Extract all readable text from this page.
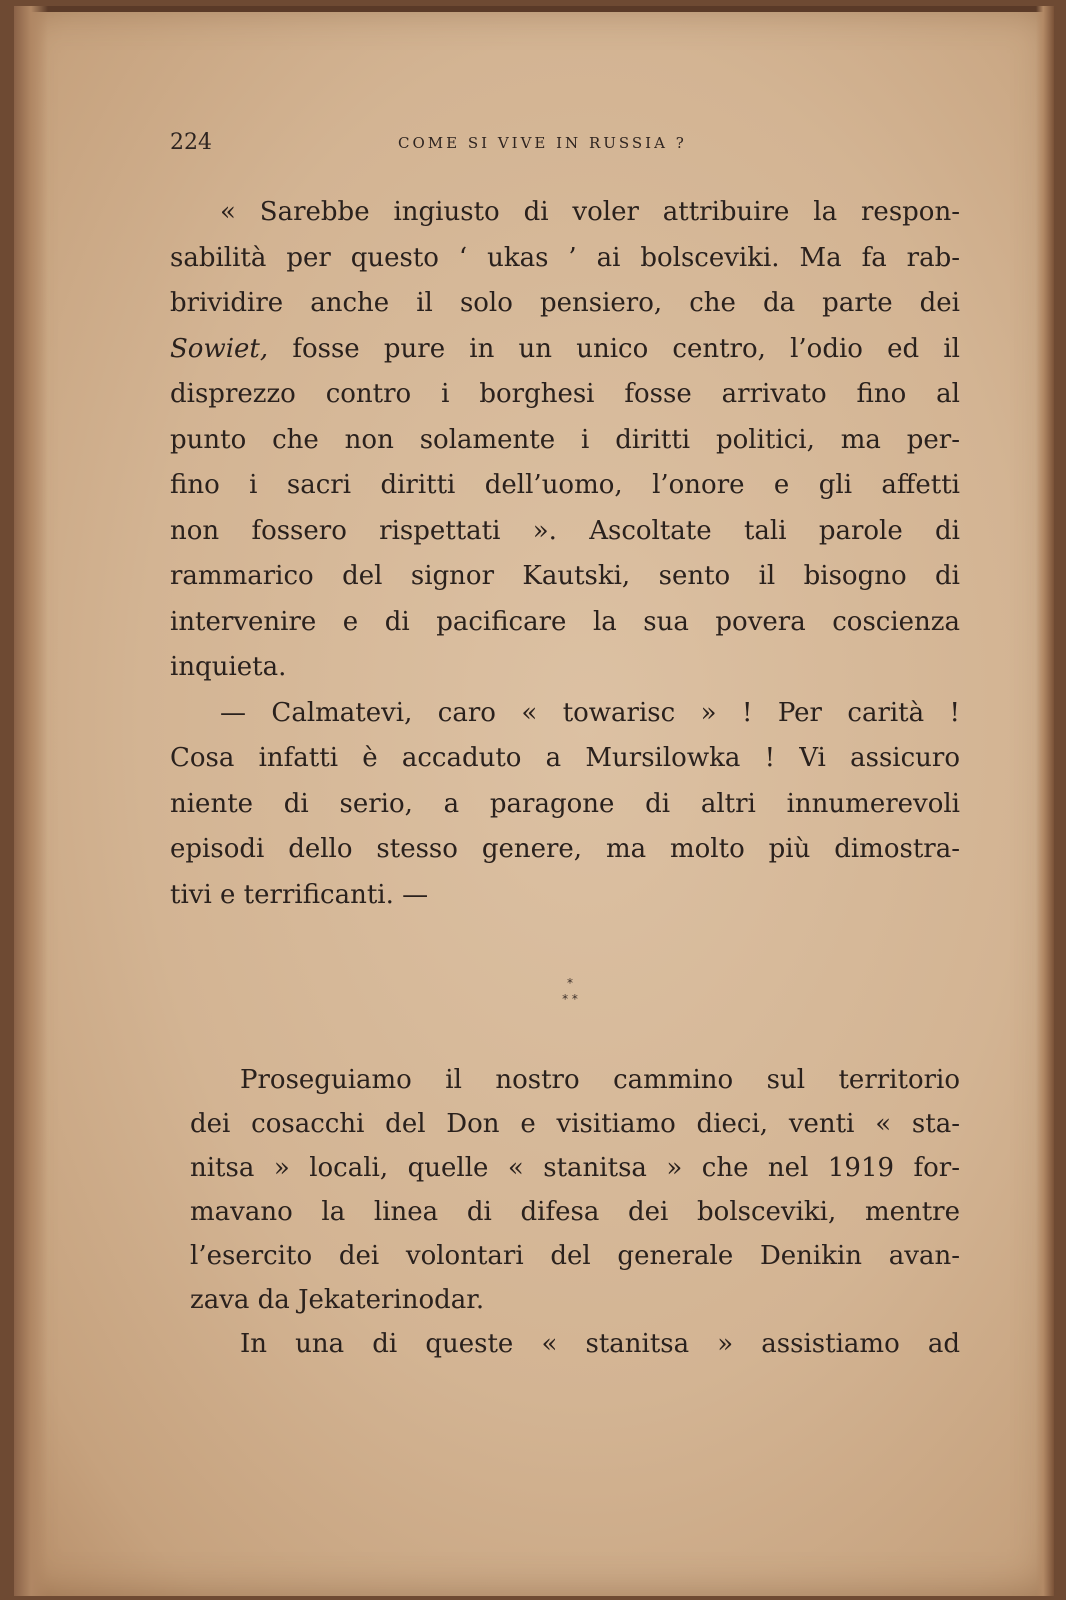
224	COME SI VIVE IN RUSSIA ?
« Sarebbe ingiusto di voler attribuire la respon-
sabilità per questo ‘ ukas ’ ai bolsceviki. Ma fa rab-
brividire anche il solo pensiero, che da parte dei
Sowiet, fosse pure in un unico centro, l’odio ed il
disprezzo contro i borghesi fosse arrivato fino al
punto che non solamente i diritti politici, ma per-
fino i sacri diritti dell’uomo, l’onore e gli affetti
non fossero rispettati ». Ascoltate tali parole di
rammarico del signor Kautski, sento il bisogno di
intervenire e di pacificare la sua povera coscienza
inquieta.
— Calmatevi, caro « towarisc » ! Per carità !
Cosa infatti è accaduto a Mursilowka ! Vi assicuro
niente di serio, a paragone di altri innumerevoli
episodi dello stesso genere, ma molto più dimostra-
tivi e terrificanti. —
*
* *
Proseguiamo il nostro cammino sul territorio
dei cosacchi del Don e visitiamo dieci, venti « sta-
nitsa » locali, quelle « stanitsa » che nel 1919 for-
mavano la linea di difesa dei bolsceviki, mentre
l’esercito dei volontari del generale Denikin avan-
zava da Jekaterinodar.
In una di queste « stanitsa » assistiamo ad
